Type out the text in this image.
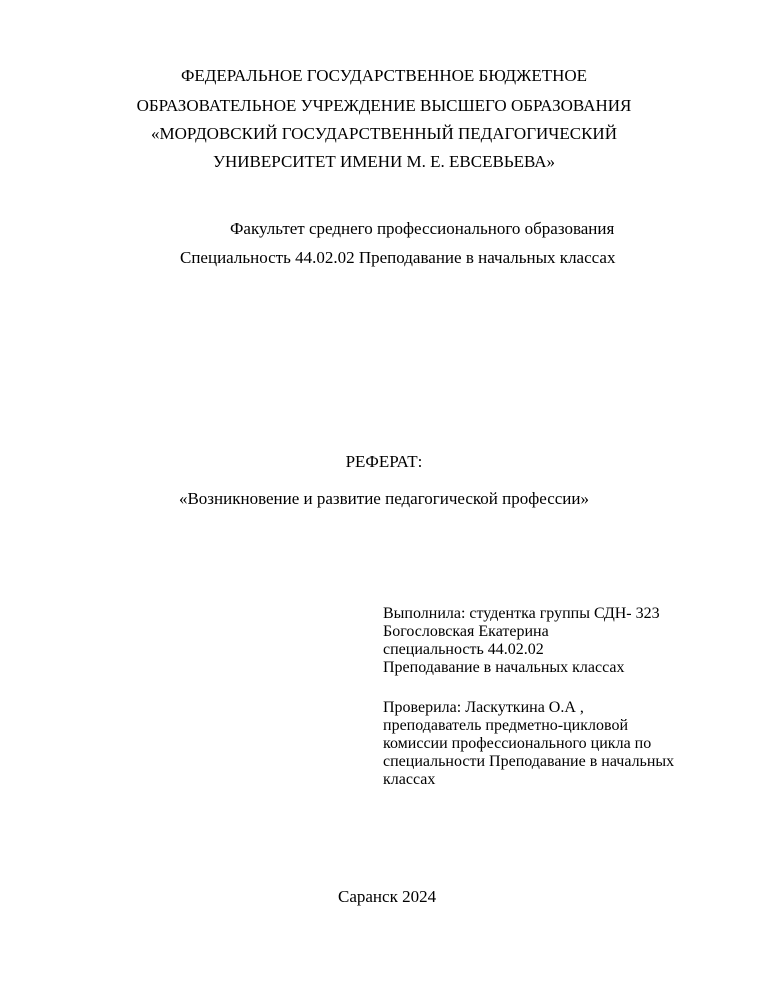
ФЕДЕРАЛЬНОЕ ГОСУДАРСТВЕННОЕ БЮДЖЕТНОЕ
ОБРАЗОВАТЕЛЬНОЕ УЧРЕЖДЕНИЕ ВЫСШЕГО ОБРАЗОВАНИЯ
«МОРДОВСКИЙ ГОСУДАРСТВЕННЫЙ ПЕДАГОГИЧЕСКИЙ
УНИВЕРСИТЕТ ИМЕНИ М. Е. ЕВСЕВЬЕВА»
Факультет среднего профессионального образования
Специальность 44.02.02 Преподавание в начальных классах
РЕФЕРАТ:
«Возникновение и развитие педагогической профессии»
Выполнила: студентка группы СДН- 323
Богословская Екатерина
специальность 44.02.02
Преподавание в начальных классах
Проверила: Ласкуткина О.А ,
преподаватель предметно-цикловой
комиссии профессионального цикла по
специальности Преподавание в начальных
классах
Саранск 2024
